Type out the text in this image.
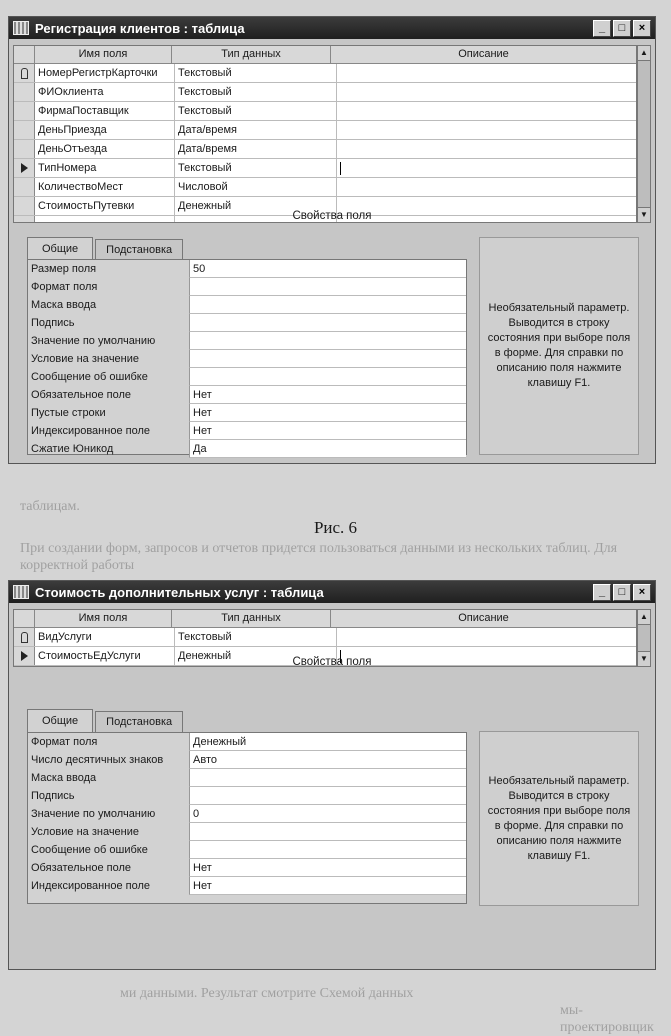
таблицам.
При создании форм, запросов и отчетов придется пользоваться данными из нескольких таблиц. Для корректной работы
мы-проектировщик
ми данными. Результат смотрите Схемой данных
Регистрация клиентов : таблица	_	□	×
Имя поля	Тип данных	Описание
НомерРегистрКарточки	Текстовый
ФИОклиента	Текстовый
ФирмаПоставщик	Текстовый
ДеньПриезда	Дата/время
ДеньОтъезда	Дата/время
ТипНомера	Текстовый
КоличествоМест	Числовой
СтоимостьПутевки	Денежный
▲
▼
Свойства поля
Общие	Подстановка
Размер поля	50
Формат поля
Маска ввода
Подпись
Значение по умолчанию
Условие на значение
Сообщение об ошибке
Обязательное поле	Нет
Пустые строки	Нет
Индексированное поле	Нет
Сжатие Юникод	Да
Необязательный параметр. Выводится в строку состояния при выборе поля в форме. Для справки по описанию поля нажмите клавишу F1.
Рис. 6
Стоимость дополнительных услуг : таблица	_	□	×
Имя поля	Тип данных	Описание
ВидУслуги	Текстовый
СтоимостьЕдУслуги	Денежный
▲
▼
Свойства поля
Общие	Подстановка
Формат поля	Денежный
Число десятичных знаков	Авто
Маска ввода
Подпись
Значение по умолчанию	0
Условие на значение
Сообщение об ошибке
Обязательное поле	Нет
Индексированное поле	Нет
Необязательный параметр. Выводится в строку состояния при выборе поля в форме. Для справки по описанию поля нажмите клавишу F1.
